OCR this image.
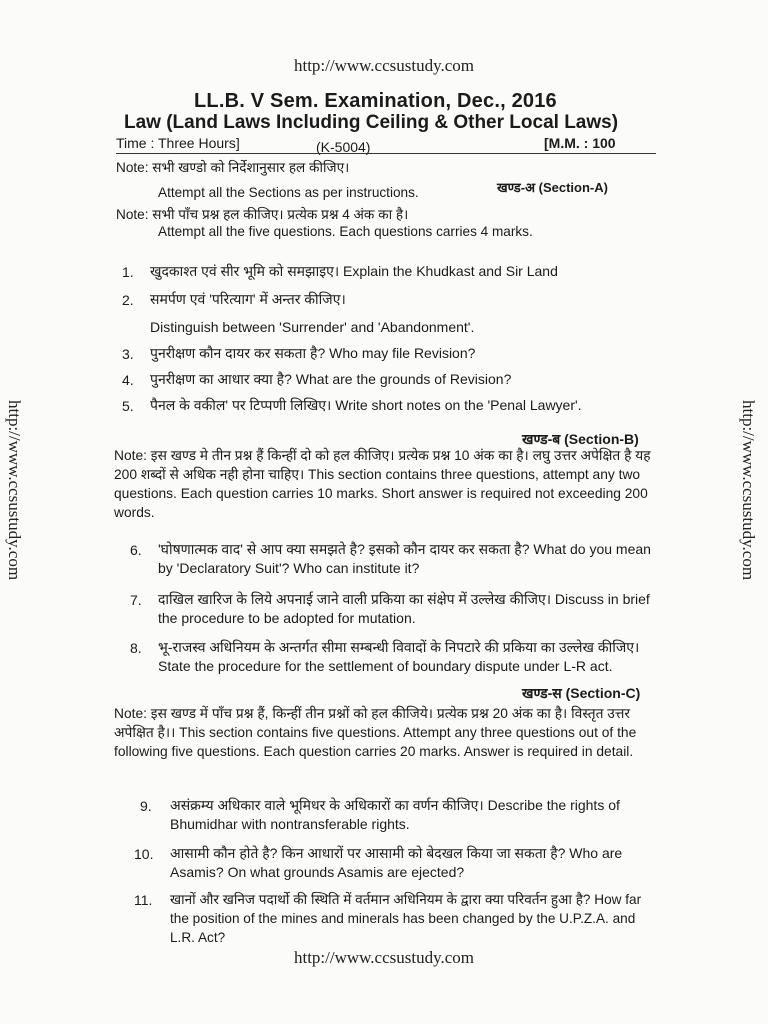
http://www.ccsustudy.com
http://www.ccsustudy.com	http://www.ccsustudy.com
http://www.ccsustudy.com
LL.B. V Sem. Examination, Dec., 2016
Law (Land Laws Including Ceiling & Other Local Laws)
Time : Three Hours]	(K-5004)	[M.M. : 100
Note: सभी खण्डो को निर्देशानुसार हल कीजिए।
Attempt all the Sections as per instructions.	खण्ड-अ (Section-A)
Note: सभी पाँच प्रश्न हल कीजिए। प्रत्येक प्रश्न 4 अंक का है।
Attempt all the five questions. Each questions carries 4 marks.
1. खुदकाश्त एवं सीर भूमि को समझाइए। Explain the Khudkast and Sir Land
2. समर्पण एवं 'परित्याग' में अन्तर कीजिए।
Distinguish between 'Surrender' and 'Abandonment'.
3. पुनरीक्षण कौन दायर कर सकता है? Who may file Revision?
4. पुनरीक्षण का आधार क्या है? What are the grounds of Revision?
5. पैनल के वकील' पर टिप्पणी लिखिए। Write short notes on the 'Penal Lawyer'.
खण्ड-ब (Section-B)
Note: इस खण्ड मे तीन प्रश्न हैं किन्हीं दो को हल कीजिए। प्रत्येक प्रश्न 10 अंक का है। लघु उत्तर अपेक्षित है यह 200 शब्दों से अधिक नही होना चाहिए। This section contains three questions, attempt any two questions. Each question carries 10 marks. Short answer is required not exceeding 200 words.
6. 'घोषणात्मक वाद' से आप क्या समझते है? इसको कौन दायर कर सकता है? What do you mean by 'Declaratory Suit'? Who can institute it?
7. दाखिल खारिज के लिये अपनाई जाने वाली प्रकिया का संक्षेप में उल्लेख कीजिए। Discuss in brief the procedure to be adopted for mutation.
8. भू-राजस्व अधिनियम के अन्तर्गत सीमा सम्बन्धी विवादों के निपटारे की प्रकिया का उल्लेख कीजिए। State the procedure for the settlement of boundary dispute under L-R act.
खण्ड-स (Section-C)
Note: इस खण्ड में पाँच प्रश्न हैं, किन्हीं तीन प्रश्नों को हल कीजिये। प्रत्येक प्रश्न 20 अंक का है। विस्तृत उत्तर अपेक्षित है।। This section contains five questions. Attempt any three questions out of the following five questions. Each question carries 20 marks. Answer is required in detail.
9. असंक्रम्य अधिकार वाले भूमिधर के अधिकारों का वर्णन कीजिए। Describe the rights of Bhumidhar with nontransferable rights.
10. आसामी कौन होते है? किन आधारों पर आसामी को बेदखल किया जा सकता है? Who are Asamis? On what grounds Asamis are ejected?
11. खानों और खनिज पदार्थो की स्थिति में वर्तमान अधिनियम के द्वारा क्या परिवर्तन हुआ है? How far the position of the mines and minerals has been changed by the U.P.Z.A. and L.R. Act?
